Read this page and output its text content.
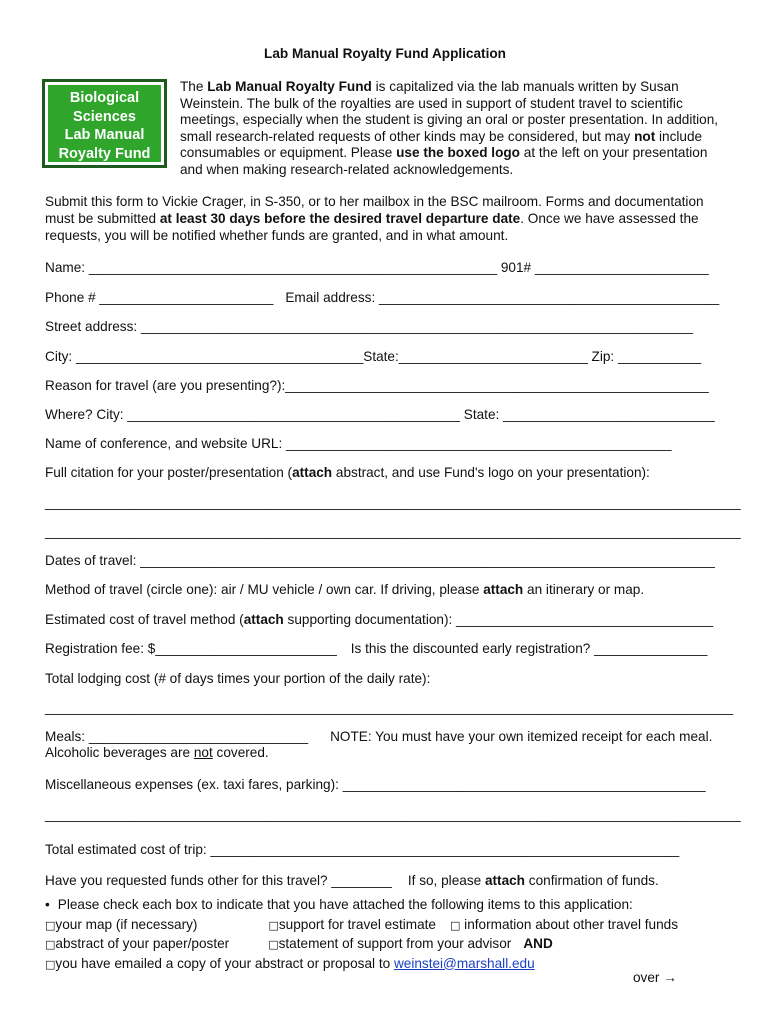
Lab Manual Royalty Fund Application
Biological
Sciences
Lab Manual
Royalty Fund
The Lab Manual Royalty Fund is capitalized via the lab manuals written by Susan Weinstein. The bulk of the royalties are used in support of student travel to scientific meetings, especially when the student is giving an oral or poster presentation. In addition, small research-related requests of other kinds may be considered, but may not include consumables or equipment. Please use the boxed logo at the left on your presentation and when making research-related acknowledgements.
Submit this form to Vickie Crager, in S-350, or to her mailbox in the BSC mailroom. Forms and documentation must be submitted at least 30 days before the desired travel departure date. Once we have assessed the requests, you will be notified whether funds are granted, and in what amount.
Name: ______________________________________________________ 901# _______________________
Phone # _______________________ Email address: _____________________________________________
Street address: _________________________________________________________________________
City: ______________________________________State:_________________________ Zip: ___________
Reason for travel (are you presenting?):________________________________________________________
Where? City: ____________________________________________ State: ____________________________
Name of conference, and website URL: ___________________________________________________
Full citation for your poster/presentation (attach abstract, and use Fund's logo on your presentation):
____________________________________________________________________________________________
____________________________________________________________________________________________
Dates of travel: ____________________________________________________________________________
Method of travel (circle one): air / MU vehicle / own car. If driving, please attach an itinerary or map.
Estimated cost of travel method (attach supporting documentation): __________________________________
Registration fee: $________________________ Is this the discounted early registration? _______________
Total lodging cost (# of days times your portion of the daily rate):
___________________________________________________________________________________________
Meals: _____________________________ NOTE: You must have your own itemized receipt for each meal.
Alcoholic beverages are not covered.
Miscellaneous expenses (ex. taxi fares, parking): ________________________________________________
____________________________________________________________________________________________
Total estimated cost of trip: ______________________________________________________________
Have you requested funds other for this travel? ________ If so, please attach confirmation of funds.
• Please check each box to indicate that you have attached the following items to this application:
□your map (if necessary)	□support for travel estimate □ information about other travel funds
□abstract of your paper/poster	□statement of support from your advisor AND
□you have emailed a copy of your abstract or proposal to weinstei@marshall.edu
over →
